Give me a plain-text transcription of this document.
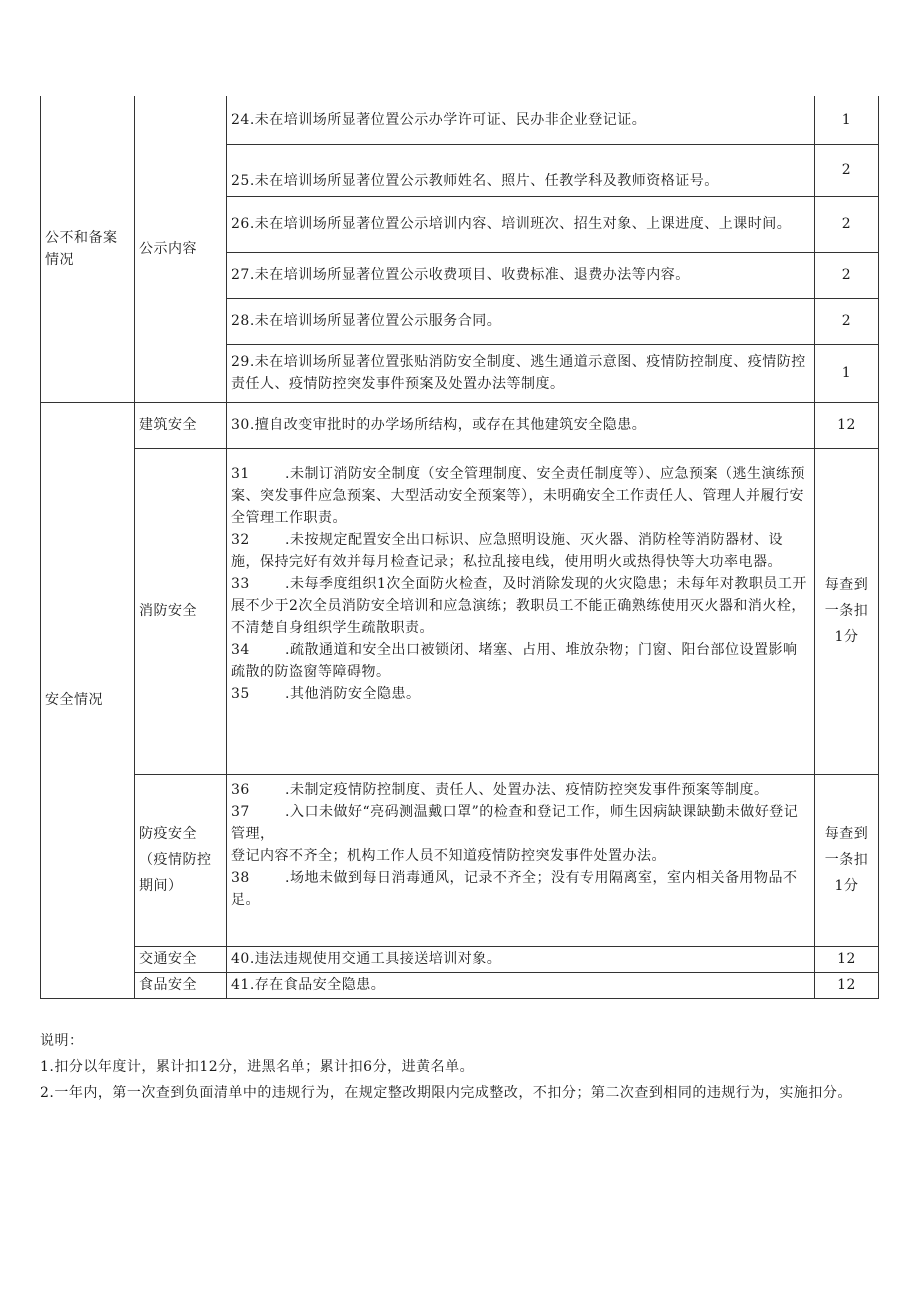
公不和备案情况	公示内容	24.未在培训场所显著位置公示办学许可证、民办非企业登记证。	1
		25.未在培训场所显著位置公示教师姓名、照片、任教学科及教师资格证号。	2
		26.未在培训场所显著位置公示培训内容、培训班次、招生对象、上课进度、上课时间。	2
		27.未在培训场所显著位置公示收费项目、收费标准、退费办法等内容。	2
		28.未在培训场所显著位置公示服务合同。	2
		29.未在培训场所显著位置张贴消防安全制度、逃生通道示意图、疫情防控制度、疫情防控责任人、疫情防控突发事件预案及处置办法等制度。	1
安全情况	建筑安全	30.擅自改变审批时的办学场所结构，或存在其他建筑安全隐患。	12
	消防安全	31 .未制订消防安全制度（安全管理制度、安全责任制度等）、应急预案（逃生演练预案、突发事件应急预案、大型活动安全预案等），未明确安全工作责任人、管理人并履行安全管理工作职责。
32 .未按规定配置安全出口标识、应急照明设施、灭火器、消防栓等消防器材、设施，保持完好有效并每月检查记录；私拉乱接电线，使用明火或热得快等大功率电器。
33 .未每季度组织1次全面防火检查，及时消除发现的火灾隐患；未每年对教职员工开展不少于2次全员消防安全培训和应急演练；教职员工不能正确熟练使用灭火器和消火栓，不清楚自身组织学生疏散职责。
34 .疏散通道和安全出口被锁闭、堵塞、占用、堆放杂物；门窗、阳台部位设置影响疏散的防盗窗等障碍物。
35 .其他消防安全隐患。	每查到一条扣1分
	防疫安全（疫情防控期间）	36 .未制定疫情防控制度、责任人、处置办法、疫情防控突发事件预案等制度。
37 .入口未做好“亮码测温戴口罩”的检查和登记工作，师生因病缺课缺勤未做好登记管理，
登记内容不齐全；机构工作人员不知道疫情防控突发事件处置办法。
38 .场地未做到每日消毒通风，记录不齐全；没有专用隔离室，室内相关备用物品不足。	每查到一条扣1分
	交通安全	40.违法违规使用交通工具接送培训对象。	12
	食品安全	41.存在食品安全隐患。	12
说明：
1.扣分以年度计，累计扣12分，进黑名单；累计扣6分，进黄名单。
2.一年内，第一次查到负面清单中的违规行为，在规定整改期限内完成整改，不扣分；第二次查到相同的违规行为，实施扣分。
